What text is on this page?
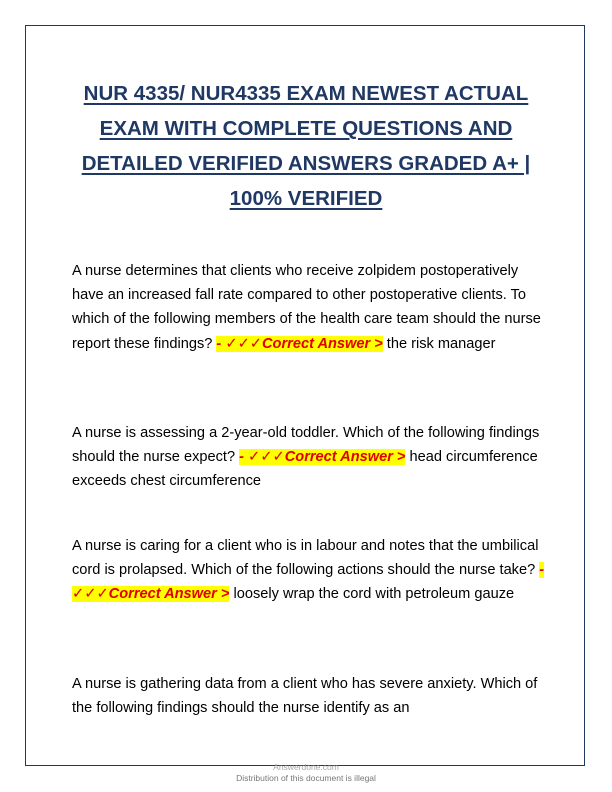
NUR 4335/ NUR4335 EXAM NEWEST ACTUAL EXAM WITH COMPLETE QUESTIONS AND DETAILED VERIFIED ANSWERS GRADED A+ | 100% VERIFIED

A nurse determines that clients who receive zolpidem postoperatively have an increased fall rate compared to other postoperative clients. To which of the following members of the health care team should the nurse report these findings? - ✓✓✓Correct Answer > the risk manager

A nurse is assessing a 2-year-old toddler. Which of the following findings should the nurse expect? - ✓✓✓Correct Answer > head circumference exceeds chest circumference

A nurse is caring for a client who is in labour and notes that the umbilical cord is prolapsed. Which of the following actions should the nurse take? - ✓✓✓Correct Answer > loosely wrap the cord with petroleum gauze

A nurse is gathering data from a client who has severe anxiety. Which of the following findings should the nurse identify as an

Answerdone.com
Distribution of this document is illegal
